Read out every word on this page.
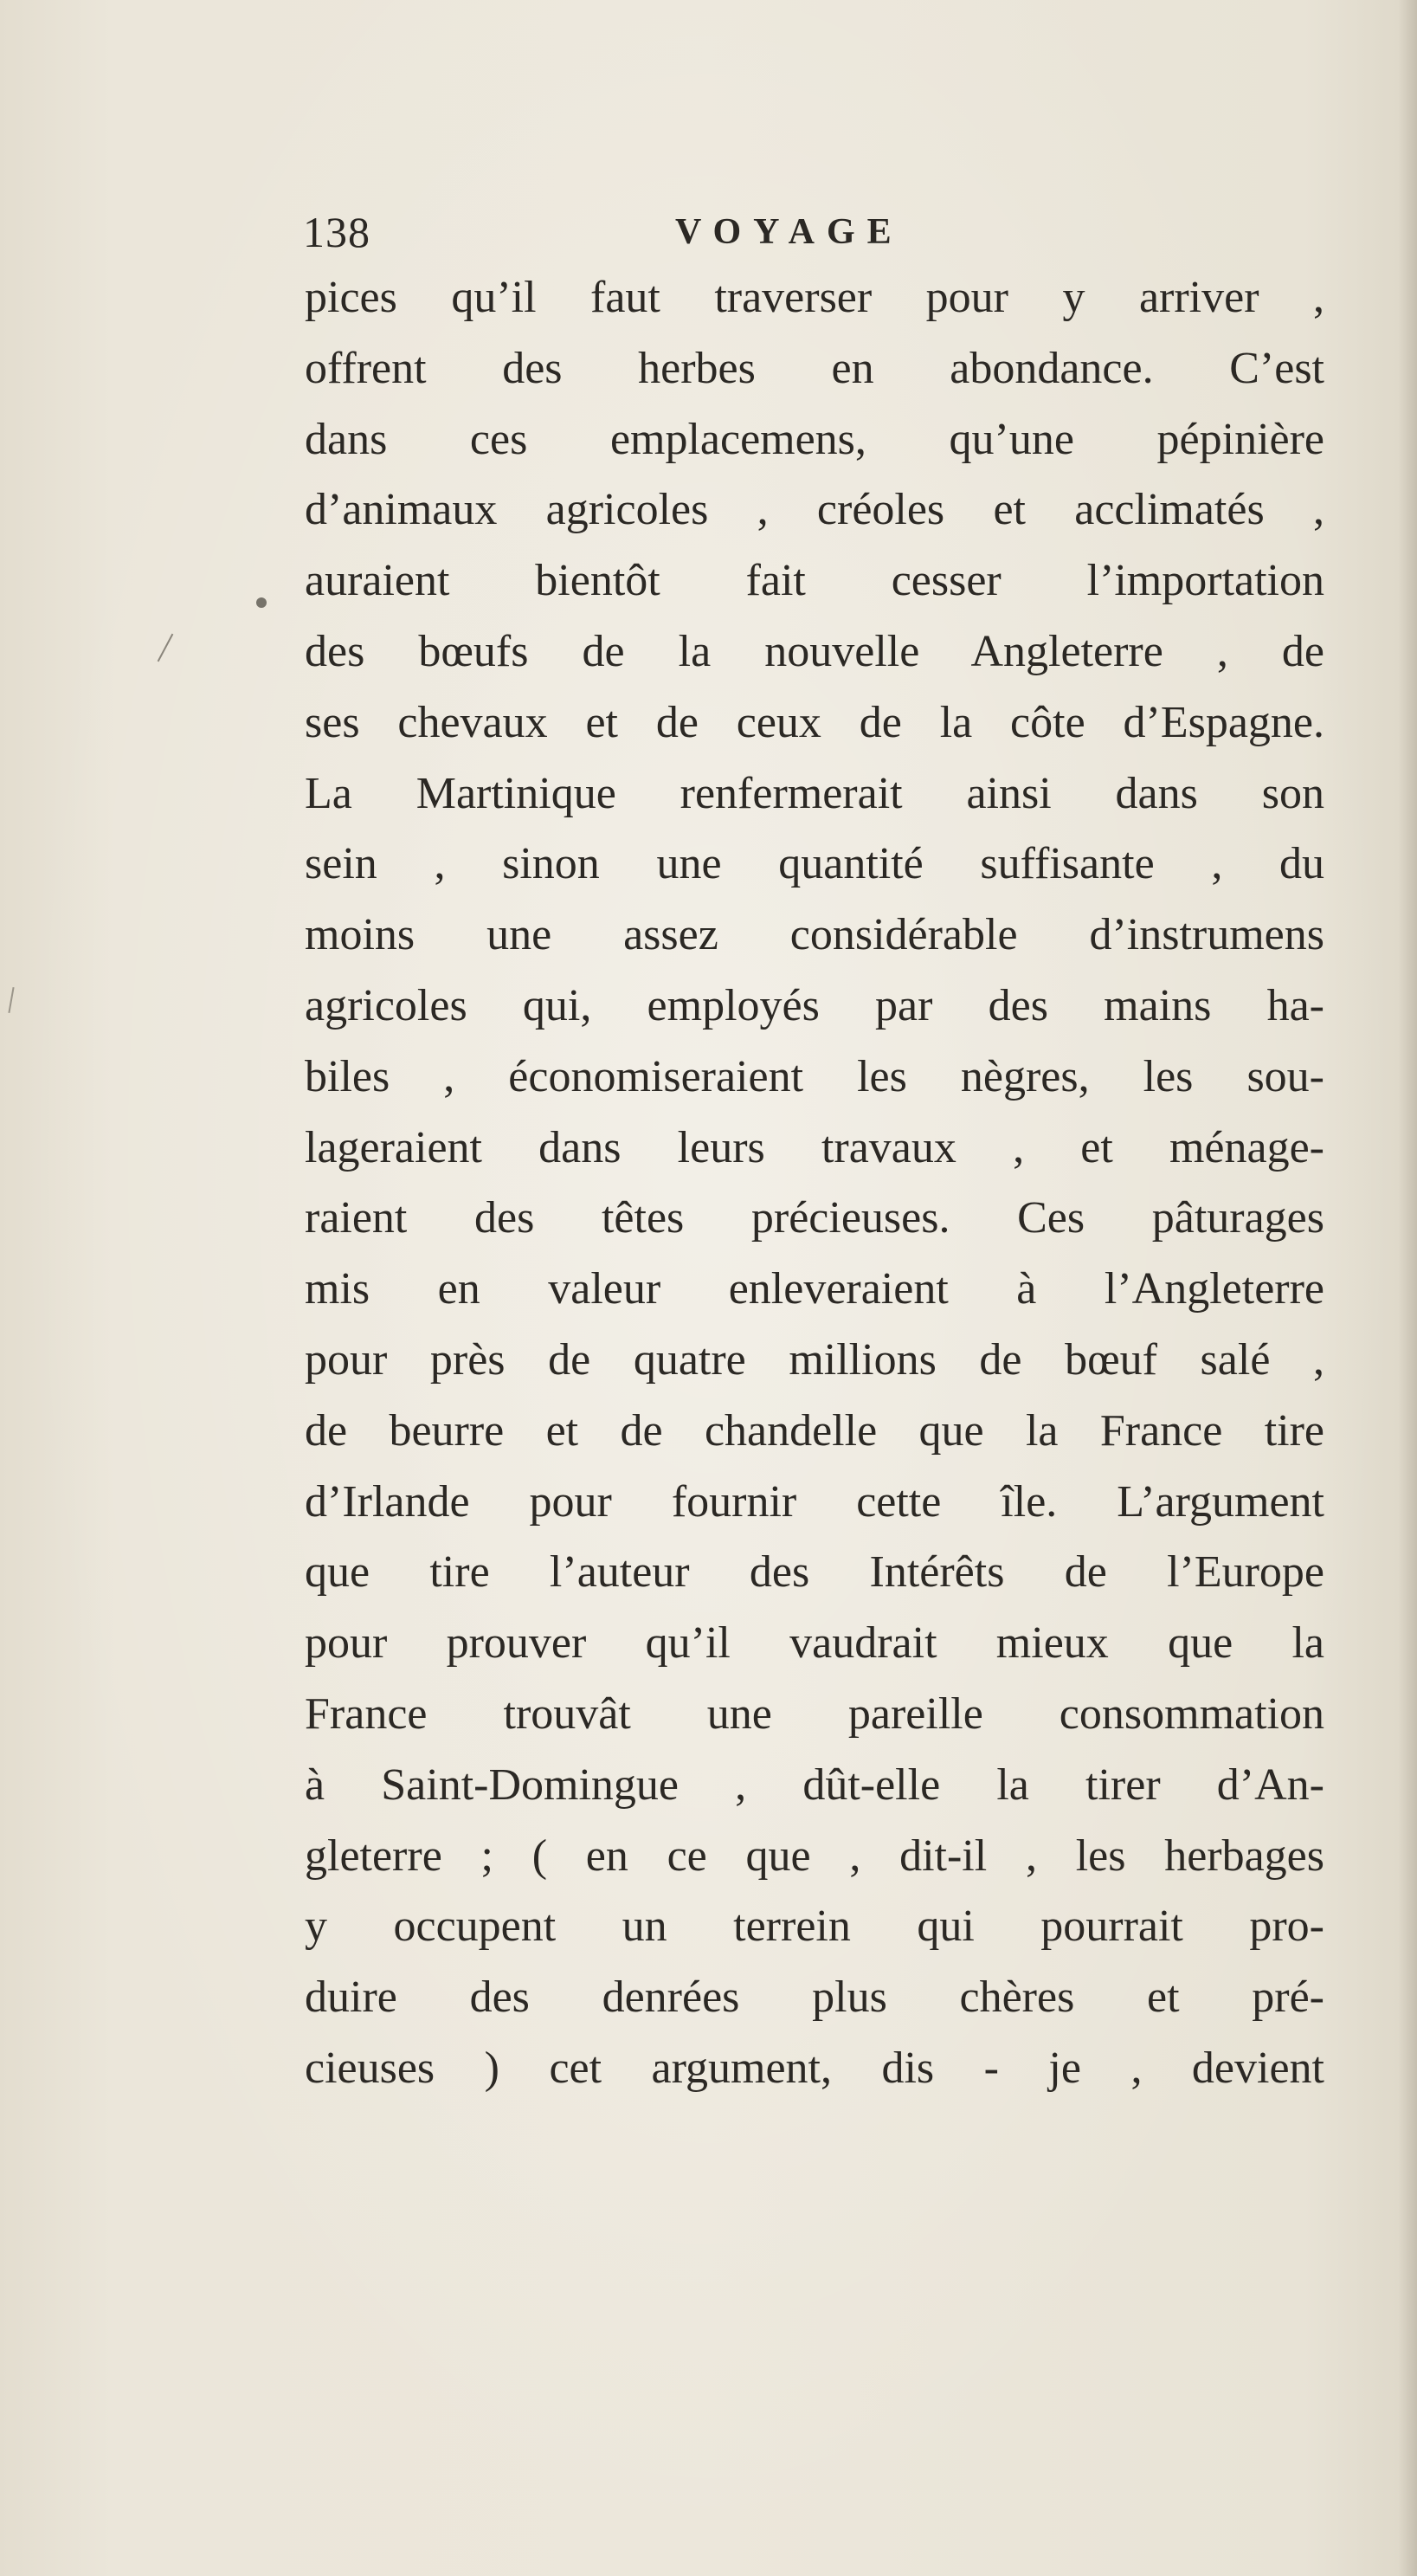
138	VOYAGE
pices qu’il faut traverser pour y arriver ,
offrent des herbes en abondance. C’est
dans ces emplacemens, qu’une pépinière
d’animaux agricoles , créoles et acclimatés ,
auraient bientôt fait cesser l’importation
des bœufs de la nouvelle Angleterre , de
ses chevaux et de ceux de la côte d’Espagne.
La Martinique renfermerait ainsi dans son
sein , sinon une quantité suffisante , du
moins une assez considérable d’instrumens
agricoles qui, employés par des mains ha-
biles , économiseraient les nègres, les sou-
lageraient dans leurs travaux , et ménage-
raient des têtes précieuses. Ces pâturages
mis en valeur enleveraient à l’Angleterre
pour près de quatre millions de bœuf salé ,
de beurre et de chandelle que la France tire
d’Irlande pour fournir cette île. L’argument
que tire l’auteur des Intérêts de l’Europe
pour prouver qu’il vaudrait mieux que la
France trouvât une pareille consommation
à Saint-Domingue , dût-elle la tirer d’An-
gleterre ; ( en ce que , dit-il , les herbages
y occupent un terrein qui pourrait pro-
duire des denrées plus chères et pré-
cieuses ) cet argument, dis - je , devient
